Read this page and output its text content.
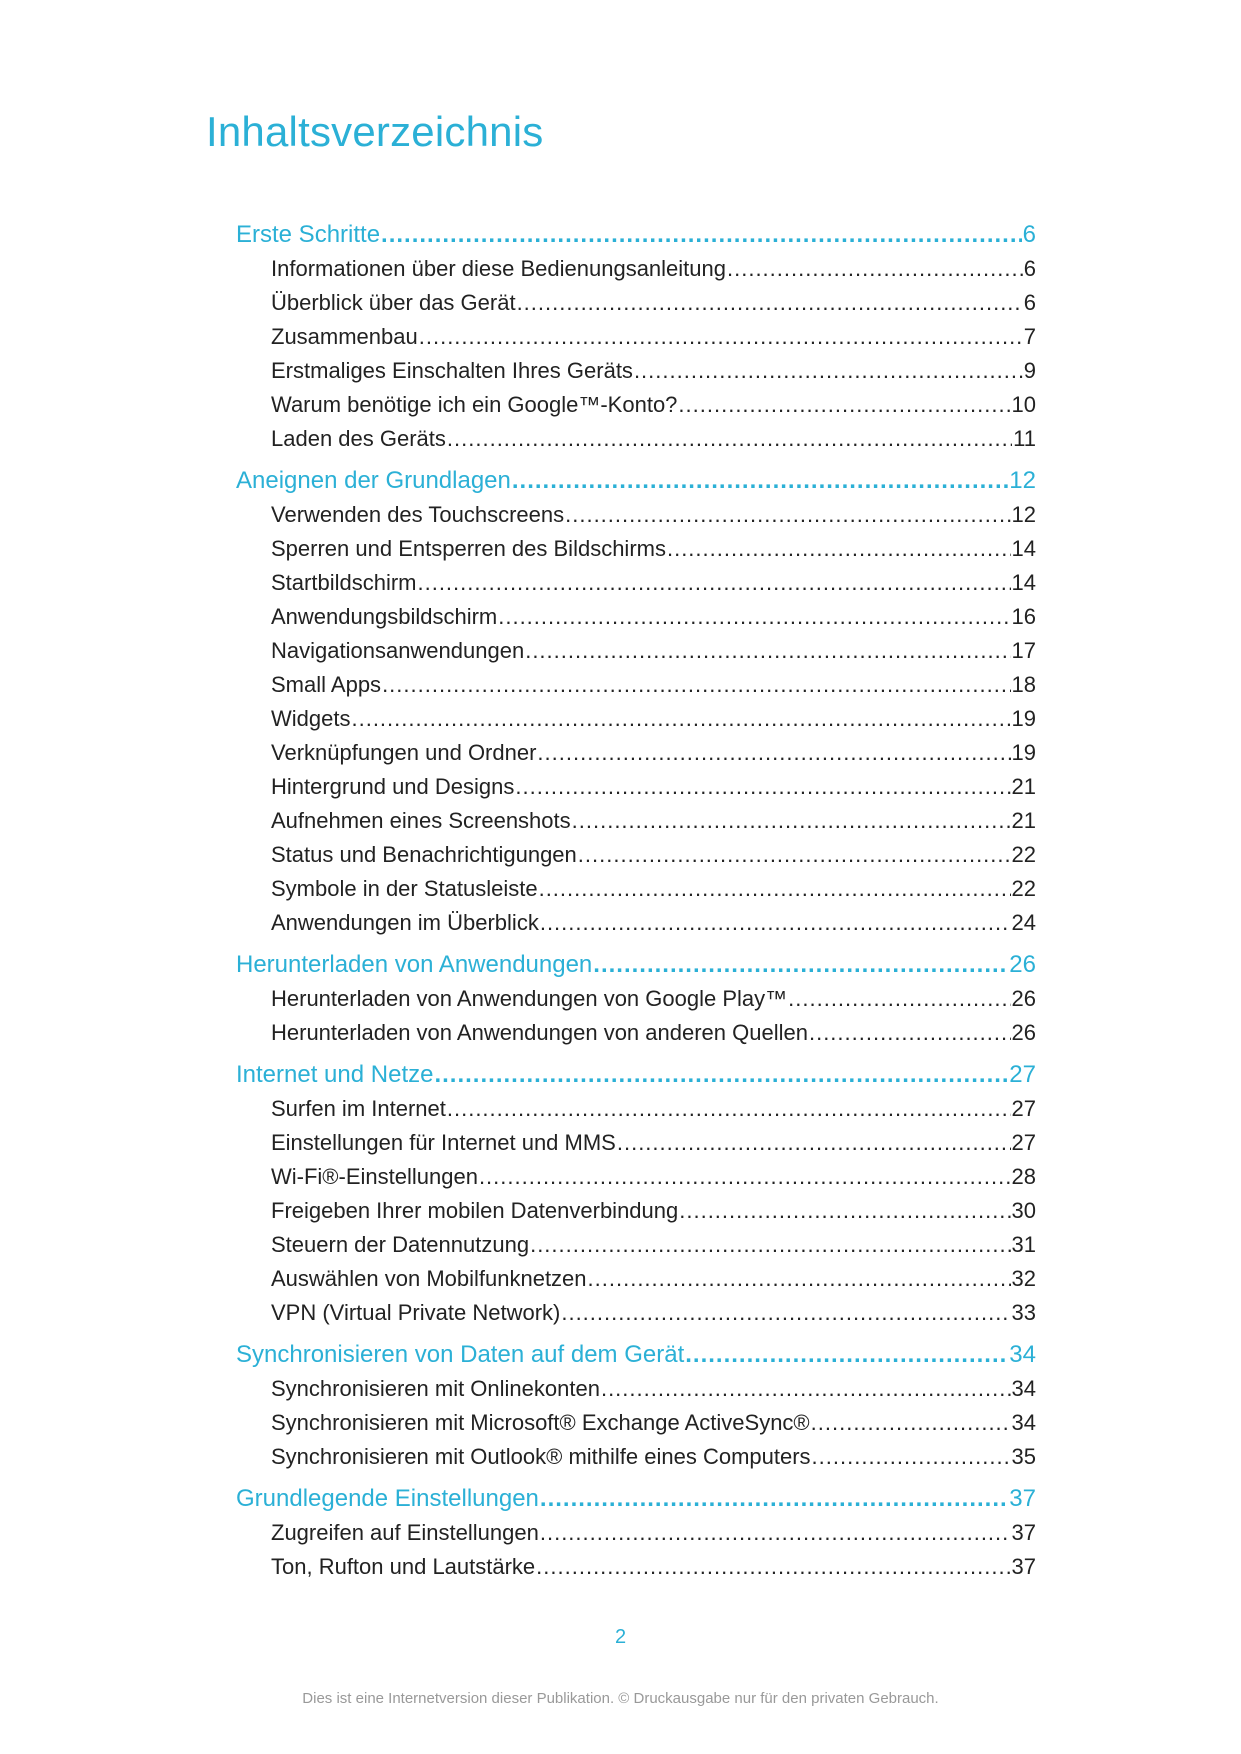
Inhaltsverzeichnis
Erste Schritte .....	6
Informationen über diese Bedienungsanleitung .....	6
Überblick über das Gerät .....	6
Zusammenbau .....	7
Erstmaliges Einschalten Ihres Geräts .....	9
Warum benötige ich ein Google™-Konto? .....	10
Laden des Geräts .....	11
Aneignen der Grundlagen .....	12
Verwenden des Touchscreens .....	12
Sperren und Entsperren des Bildschirms .....	14
Startbildschirm .....	14
Anwendungsbildschirm .....	16
Navigationsanwendungen .....	17
Small Apps .....	18
Widgets .....	19
Verknüpfungen und Ordner .....	19
Hintergrund und Designs .....	21
Aufnehmen eines Screenshots .....	21
Status und Benachrichtigungen .....	22
Symbole in der Statusleiste .....	22
Anwendungen im Überblick .....	24
Herunterladen von Anwendungen .....	26
Herunterladen von Anwendungen von Google Play™ .....	26
Herunterladen von Anwendungen von anderen Quellen .....	26
Internet und Netze .....	27
Surfen im Internet .....	27
Einstellungen für Internet und MMS .....	27
Wi-Fi®-Einstellungen .....	28
Freigeben Ihrer mobilen Datenverbindung .....	30
Steuern der Datennutzung .....	31
Auswählen von Mobilfunknetzen .....	32
VPN (Virtual Private Network) .....	33
Synchronisieren von Daten auf dem Gerät .....	34
Synchronisieren mit Onlinekonten .....	34
Synchronisieren mit Microsoft® Exchange ActiveSync® .....	34
Synchronisieren mit Outlook® mithilfe eines Computers .....	35
Grundlegende Einstellungen .....	37
Zugreifen auf Einstellungen .....	37
Ton, Rufton und Lautstärke .....	37
2
Dies ist eine Internetversion dieser Publikation. © Druckausgabe nur für den privaten Gebrauch.
